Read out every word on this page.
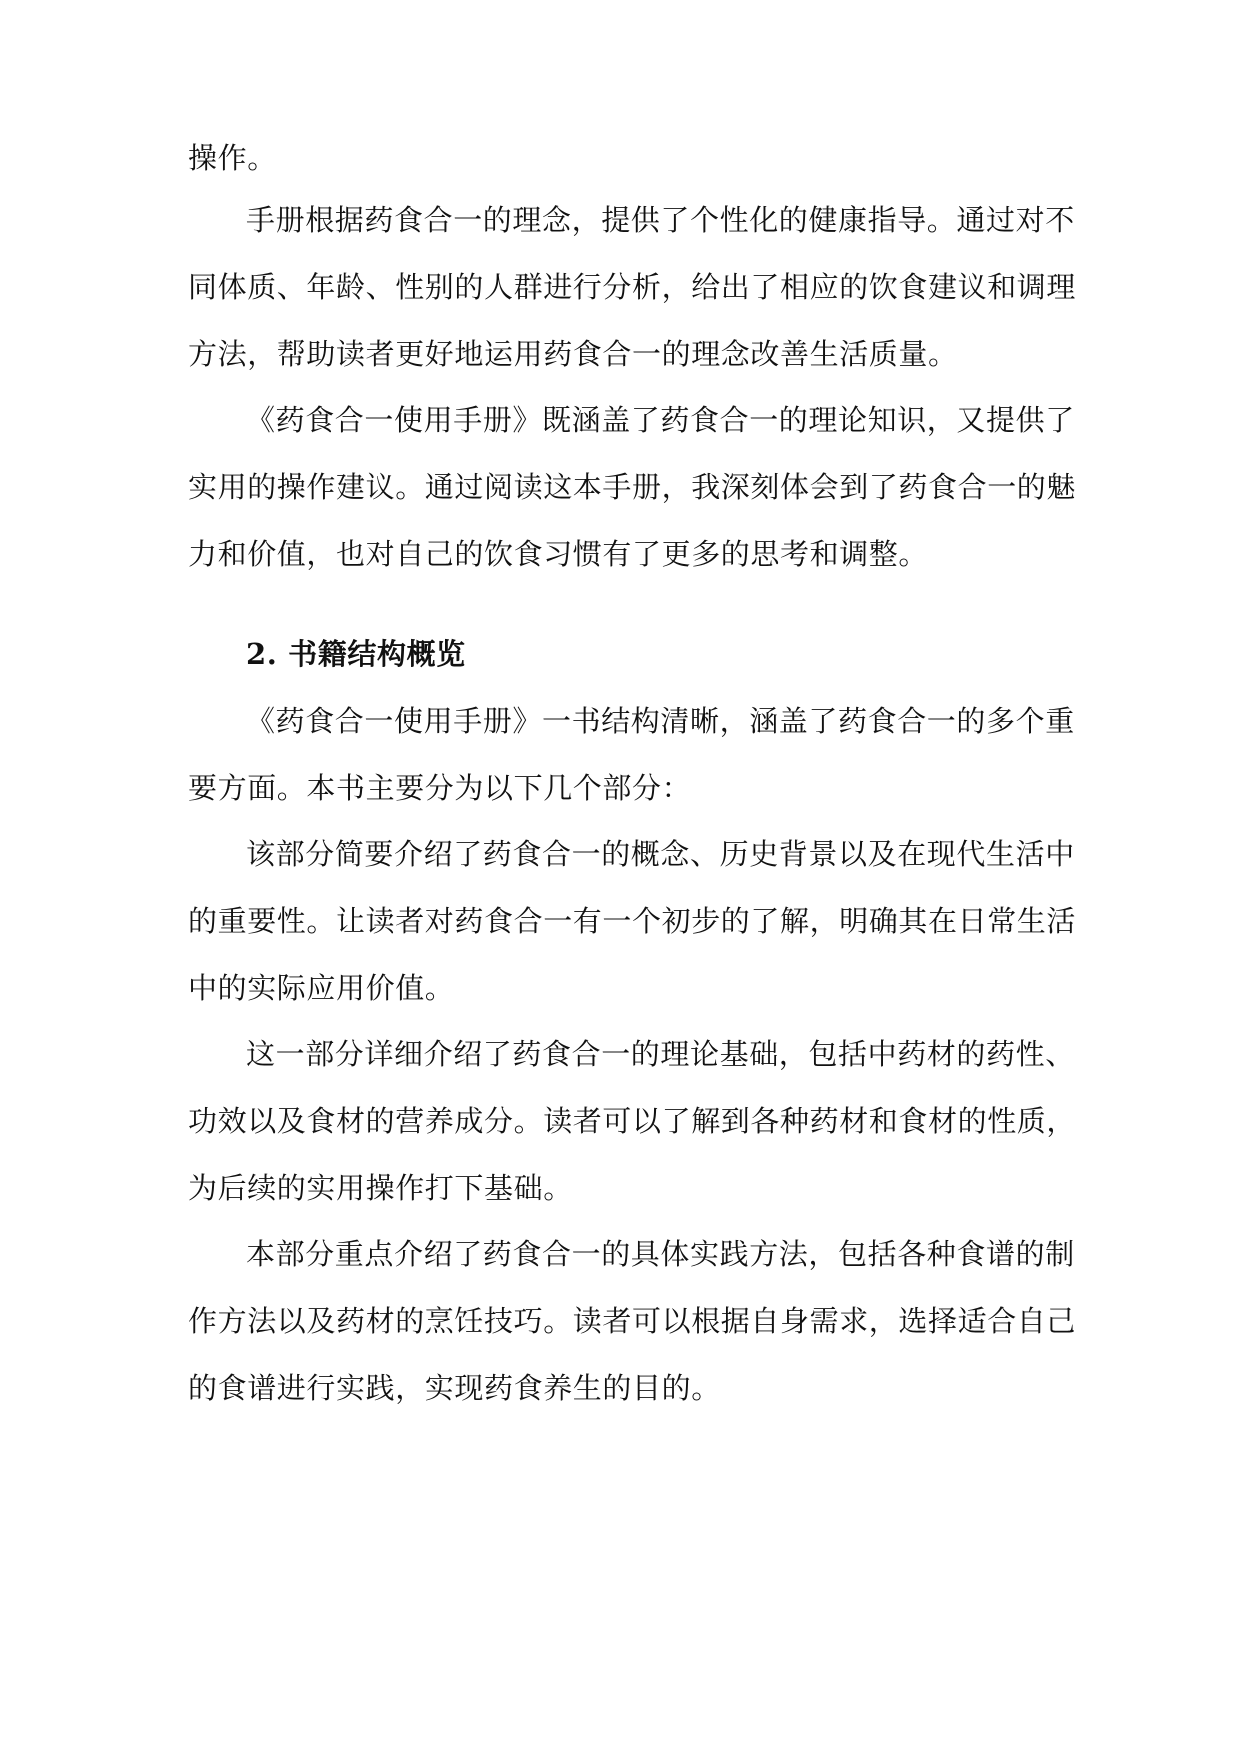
操作。
手册根据药食合一的理念，提供了个性化的健康指导。通过对不
同体质、年龄、性别的人群进行分析，给出了相应的饮食建议和调理
方法，帮助读者更好地运用药食合一的理念改善生活质量。
《药食合一使用手册》既涵盖了药食合一的理论知识，又提供了
实用的操作建议。通过阅读这本手册，我深刻体会到了药食合一的魅
力和价值，也对自己的饮食习惯有了更多的思考和调整。
2. 书籍结构概览
《药食合一使用手册》一书结构清晰，涵盖了药食合一的多个重
要方面。本书主要分为以下几个部分：
该部分简要介绍了药食合一的概念、历史背景以及在现代生活中
的重要性。让读者对药食合一有一个初步的了解，明确其在日常生活
中的实际应用价值。
这一部分详细介绍了药食合一的理论基础，包括中药材的药性、
功效以及食材的营养成分。读者可以了解到各种药材和食材的性质，
为后续的实用操作打下基础。
本部分重点介绍了药食合一的具体实践方法，包括各种食谱的制
作方法以及药材的烹饪技巧。读者可以根据自身需求，选择适合自己
的食谱进行实践，实现药食养生的目的。
